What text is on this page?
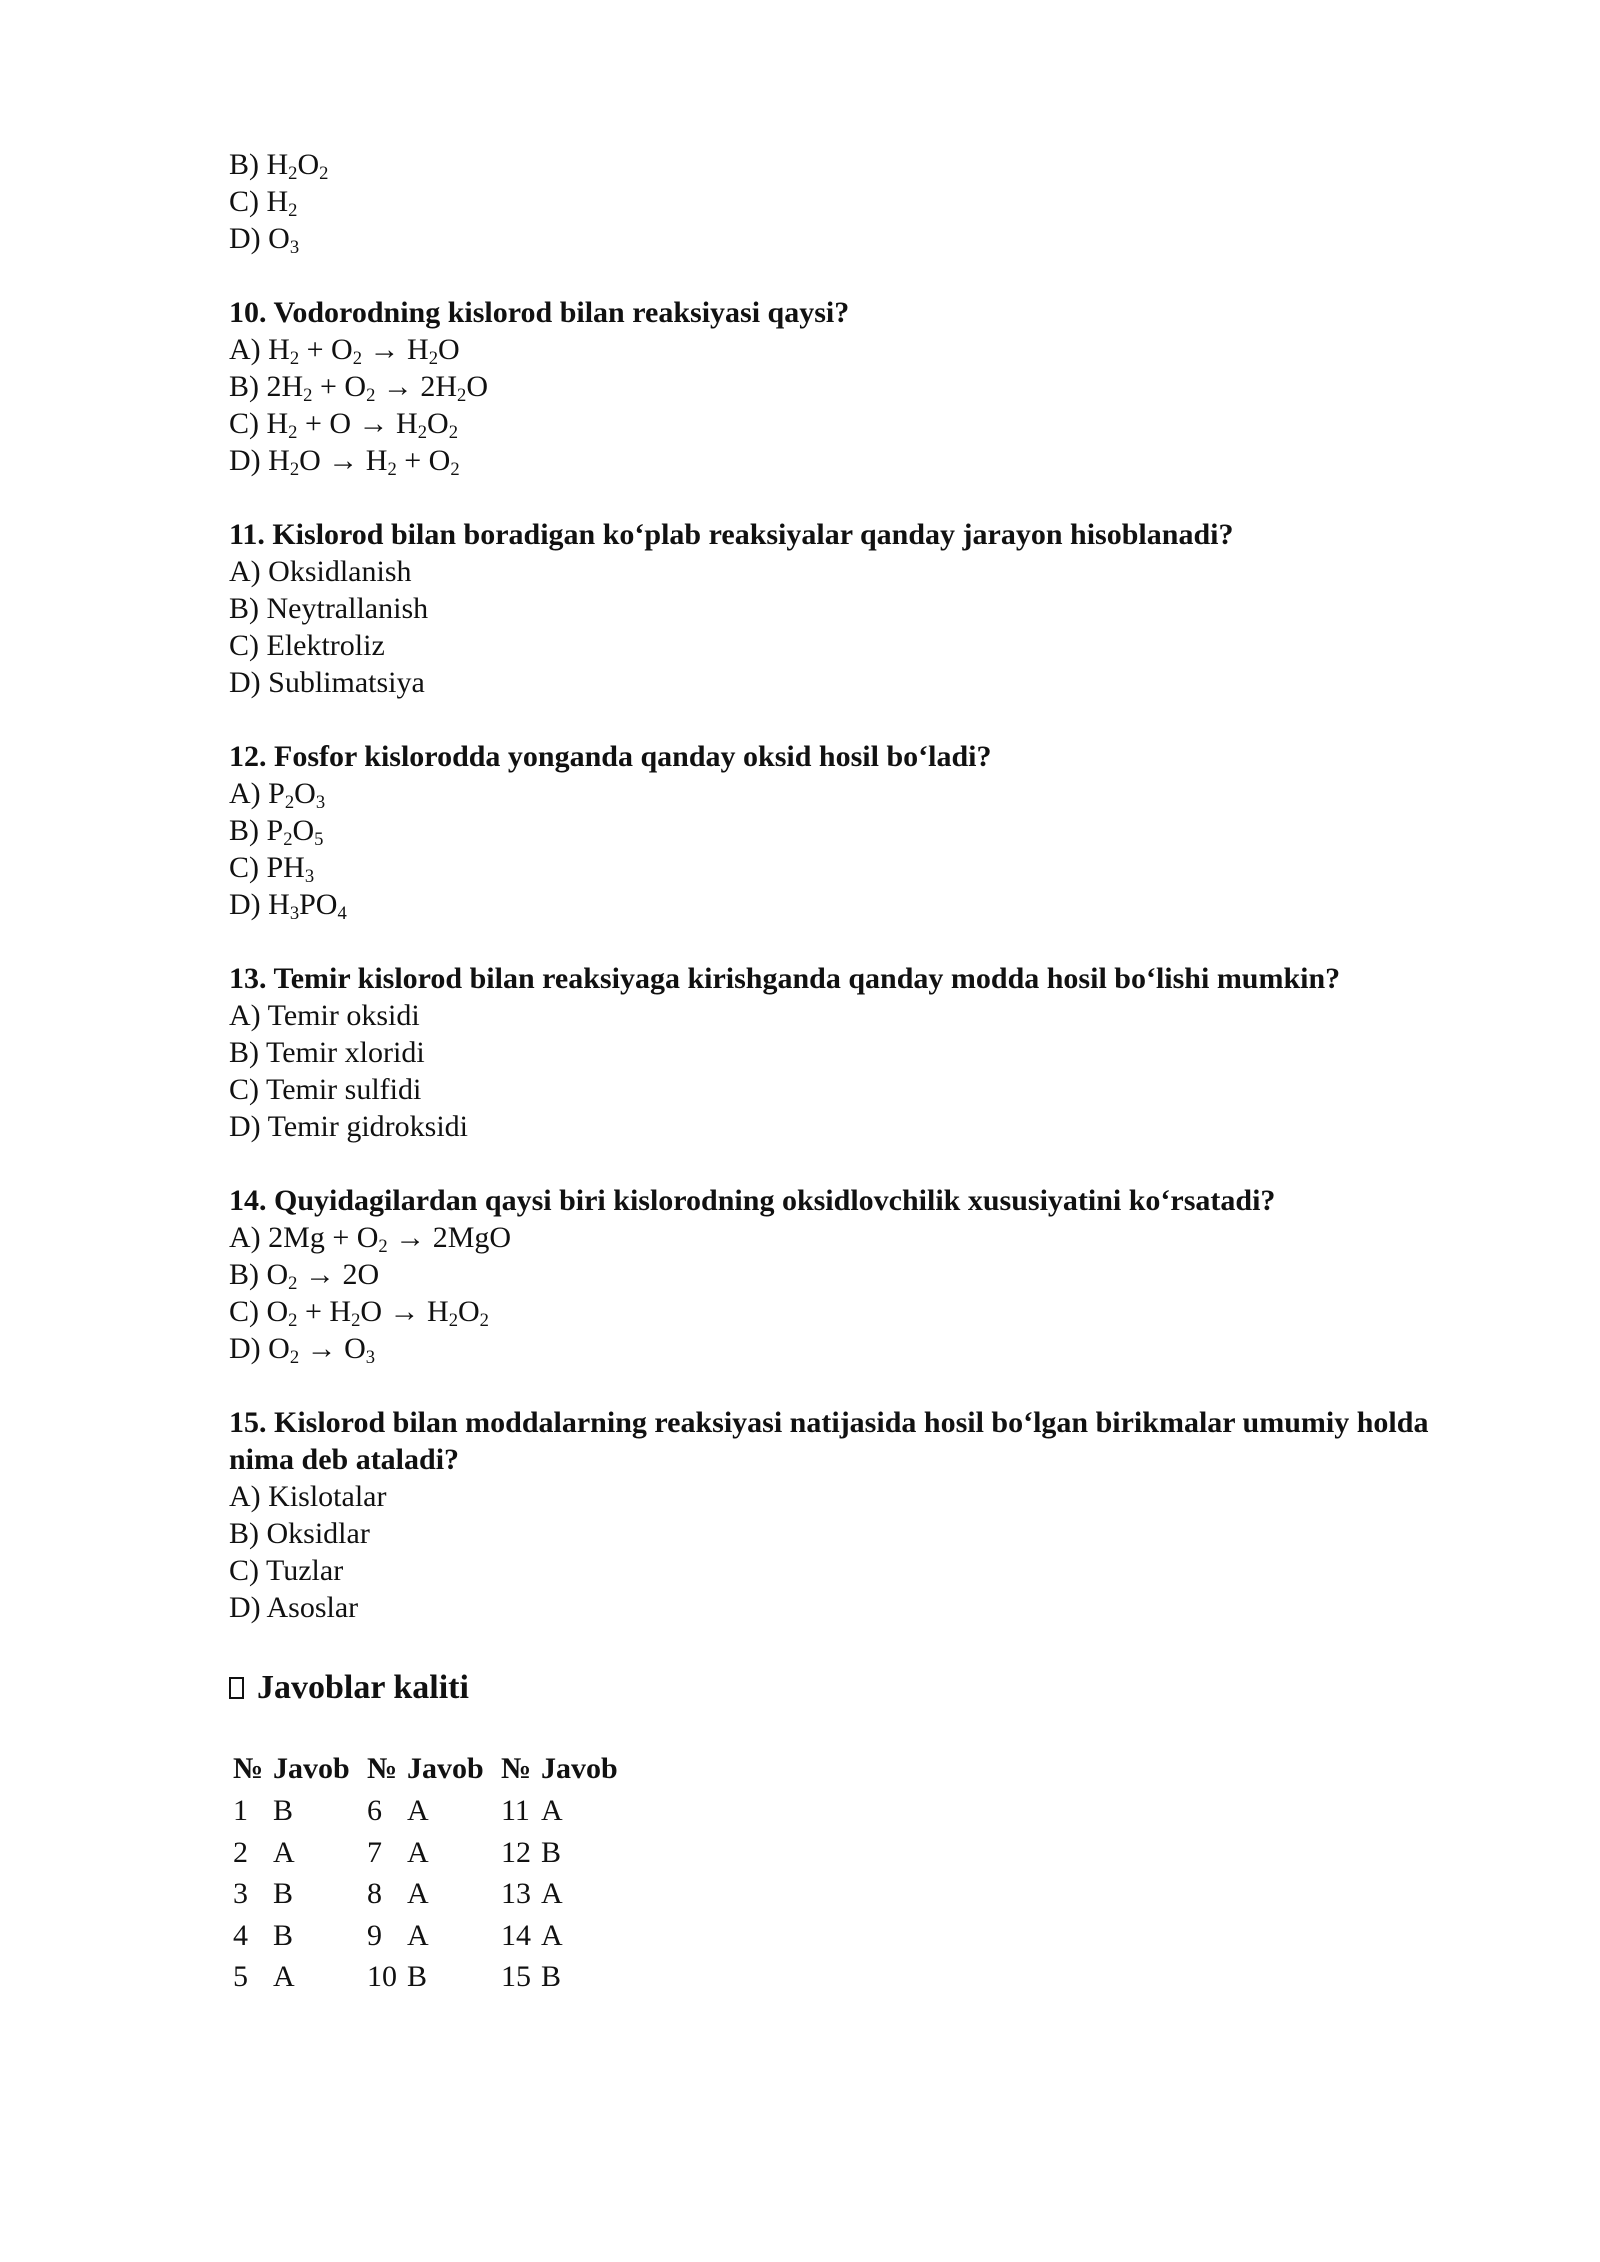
B) $H_2O_2$
C) $H_2$
D) $O_3$
10. Vodorodning kislorod bilan reaksiyasi qaysi?
A) $H_2 + O_2 \to H_2O$
B) $2H_2 + O_2 \to 2H_2O$
C) $H_2 + O \to H_2O_2$
D) $H_2O \to H_2 + O_2$
11. Kislorod bilan boradigan ko‘plab reaksiyalar qanday jarayon hisoblanadi?
A) Oksidlanish
B) Neytrallanish
C) Elektroliz
D) Sublimatsiya
12. Fosfor kislorodda yonganda qanday oksid hosil bo‘ladi?
A) $P_2O_3$
B) $P_2O_5$
C) $PH_3$
D) $H_3PO_4$
13. Temir kislorod bilan reaksiyaga kirishganda qanday modda hosil bo‘lishi mumkin?
A) Temir oksidi
B) Temir xloridi
C) Temir sulfidi
D) Temir gidroksidi
14. Quyidagilardan qaysi biri kislorodning oksidlovchilik xususiyatini ko‘rsatadi?
A) $2Mg + O_2 \to 2MgO$
B) $O_2 \to 2O$
C) $O_2 + H_2O \to H_2O_2$
D) $O_2 \to O_3$
15. Kislorod bilan moddalarning reaksiyasi natijasida hosil bo‘lgan birikmalar umumiy holda nima deb ataladi?
A) Kislotalar
B) Oksidlar
C) Tuzlar
D) Asoslar
Javoblar kaliti
№	Javob	№	Javob	№	Javob
1	B	6	A	11	A
2	A	7	A	12	B
3	B	8	A	13	A
4	B	9	A	14	A
5	A	10	B	15	B
